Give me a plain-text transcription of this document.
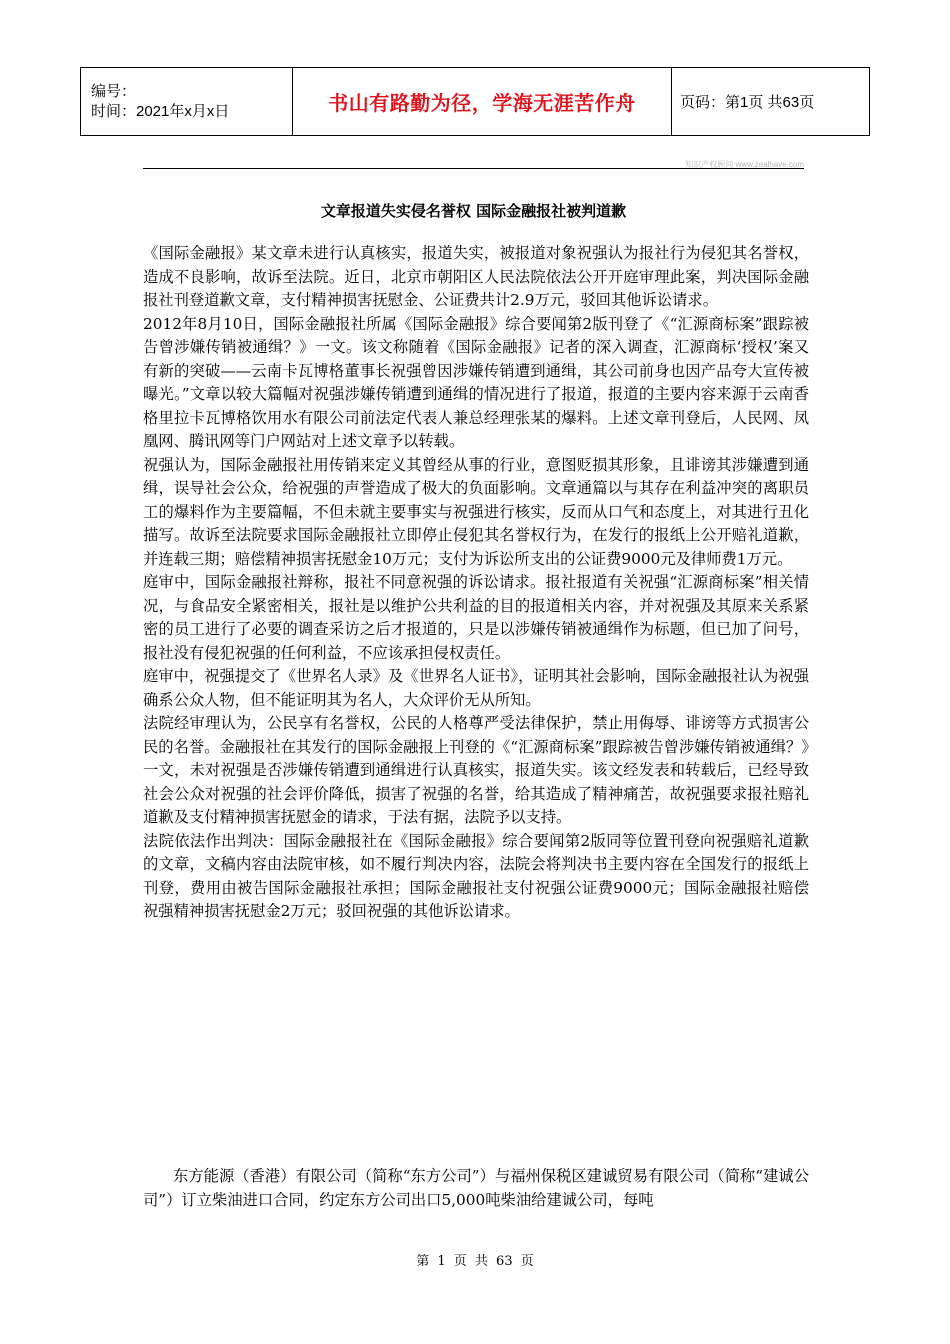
编号：
时间：2021年x月x日	书山有路勤为径，学海无涯苦作舟	页码：第1页 共63页
知识产权顾问 www.zealhave.com
文章报道失实侵名誉权 国际金融报社被判道歉

《国际金融报》某文章未进行认真核实，报道失实，被报道对象祝强认为报社行为侵犯其名誉权，造成不良影响，故诉至法院。近日，北京市朝阳区人民法院依法公开开庭审理此案，判决国际金融报社刊登道歉文章，支付精神损害抚慰金、公证费共计2.9万元，驳回其他诉讼请求。

2012年8月10日，国际金融报社所属《国际金融报》综合要闻第2版刊登了《“汇源商标案”跟踪被告曾涉嫌传销被通缉？》一文。该文称随着《国际金融报》记者的深入调查，汇源商标‘授权’案又有新的突破——云南卡瓦博格董事长祝强曾因涉嫌传销遭到通缉，其公司前身也因产品夸大宣传被曝光。”文章以较大篇幅对祝强涉嫌传销遭到通缉的情况进行了报道，报道的主要内容来源于云南香格里拉卡瓦博格饮用水有限公司前法定代表人兼总经理张某的爆料。上述文章刊登后，人民网、凤凰网、腾讯网等门户网站对上述文章予以转载。

祝强认为，国际金融报社用传销来定义其曾经从事的行业，意图贬损其形象，且诽谤其涉嫌遭到通缉，误导社会公众，给祝强的声誉造成了极大的负面影响。文章通篇以与其存在利益冲突的离职员工的爆料作为主要篇幅，不但未就主要事实与祝强进行核实，反而从口气和态度上，对其进行丑化描写。故诉至法院要求国际金融报社立即停止侵犯其名誉权行为，在发行的报纸上公开赔礼道歉，并连载三期；赔偿精神损害抚慰金10万元；支付为诉讼所支出的公证费9000元及律师费1万元。

庭审中，国际金融报社辩称，报社不同意祝强的诉讼请求。报社报道有关祝强“汇源商标案”相关情况，与食品安全紧密相关，报社是以维护公共利益的目的报道相关内容，并对祝强及其原来关系紧密的员工进行了必要的调查采访之后才报道的，只是以涉嫌传销被通缉作为标题，但已加了问号，报社没有侵犯祝强的任何利益，不应该承担侵权责任。

庭审中，祝强提交了《世界名人录》及《世界名人证书》，证明其社会影响，国际金融报社认为祝强确系公众人物，但不能证明其为名人，大众评价无从所知。

法院经审理认为，公民享有名誉权，公民的人格尊严受法律保护，禁止用侮辱、诽谤等方式损害公民的名誉。金融报社在其发行的国际金融报上刊登的《“汇源商标案”跟踪被告曾涉嫌传销被通缉？》一文，未对祝强是否涉嫌传销遭到通缉进行认真核实，报道失实。该文经发表和转载后，已经导致社会公众对祝强的社会评价降低，损害了祝强的名誉，给其造成了精神痛苦，故祝强要求报社赔礼道歉及支付精神损害抚慰金的请求，于法有据，法院予以支持。

法院依法作出判决：国际金融报社在《国际金融报》综合要闻第2版同等位置刊登向祝强赔礼道歉的文章，文稿内容由法院审核，如不履行判决内容，法院会将判决书主要内容在全国发行的报纸上刊登，费用由被告国际金融报社承担；国际金融报社支付祝强公证费9000元；国际金融报社赔偿祝强精神损害抚慰金2万元；驳回祝强的其他诉讼请求。

东方能源（香港）有限公司（简称“东方公司”）与福州保税区建诚贸易有限公司（简称“建诚公司”）订立柴油进口合同，约定东方公司出口5,000吨柴油给建诚公司，每吨

第 1 页 共 63 页
